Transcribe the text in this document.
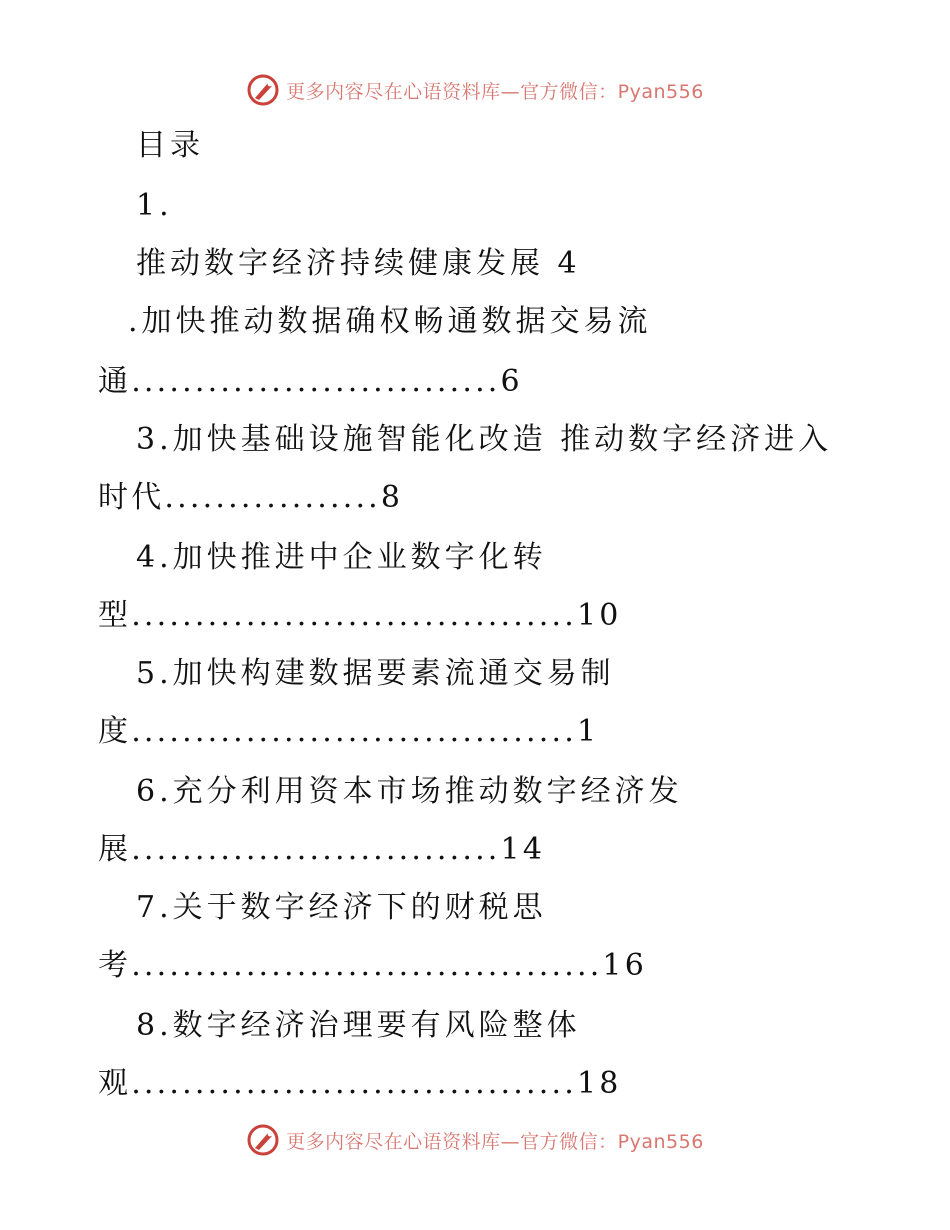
更多内容尽在心语资料库—官方微信：Pyan556
目录
1.
推动数字经济持续健康发展 4
.加快推动数据确权畅通数据交易流
通.............................6
3.加快基础设施智能化改造 推动数字经济进入
时代.................8
4.加快推进中企业数字化转
型...................................10
5.加快构建数据要素流通交易制
度...................................1
6.充分利用资本市场推动数字经济发
展.............................14
7.关于数字经济下的财税思
考.....................................16
8.数字经济治理要有风险整体
观...................................18
更多内容尽在心语资料库—官方微信：Pyan556
